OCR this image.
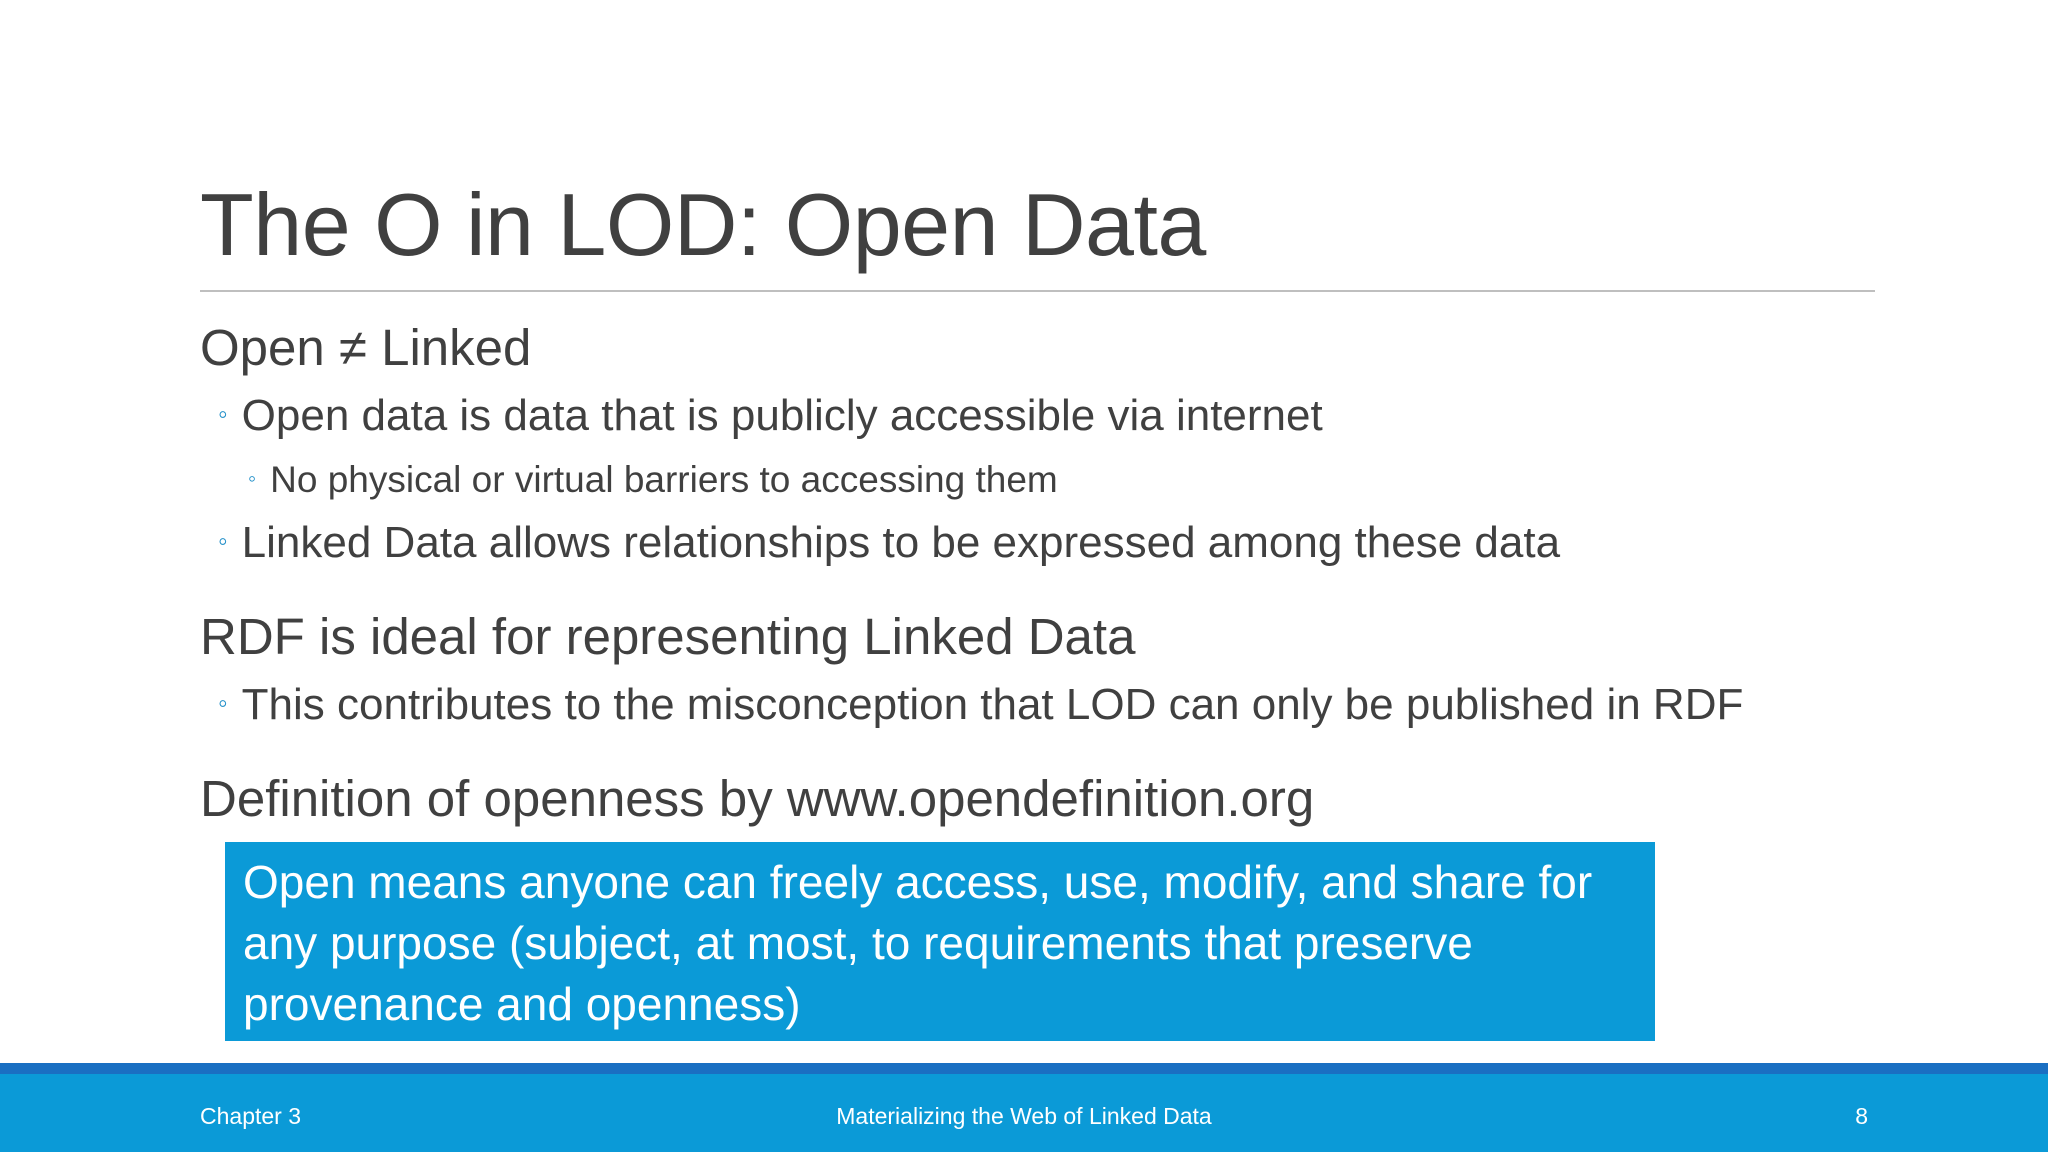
The O in LOD: Open Data
Open ≠ Linked
◦ Open data is data that is publicly accessible via internet
◦ No physical or virtual barriers to accessing them
◦ Linked Data allows relationships to be expressed among these data
RDF is ideal for representing Linked Data
◦ This contributes to the misconception that LOD can only be published in RDF
Definition of openness by www.opendefinition.org
Open means anyone can freely access, use, modify, and share for any purpose (subject, at most, to requirements that preserve provenance and openness)
Chapter 3	Materializing the Web of Linked Data	8
